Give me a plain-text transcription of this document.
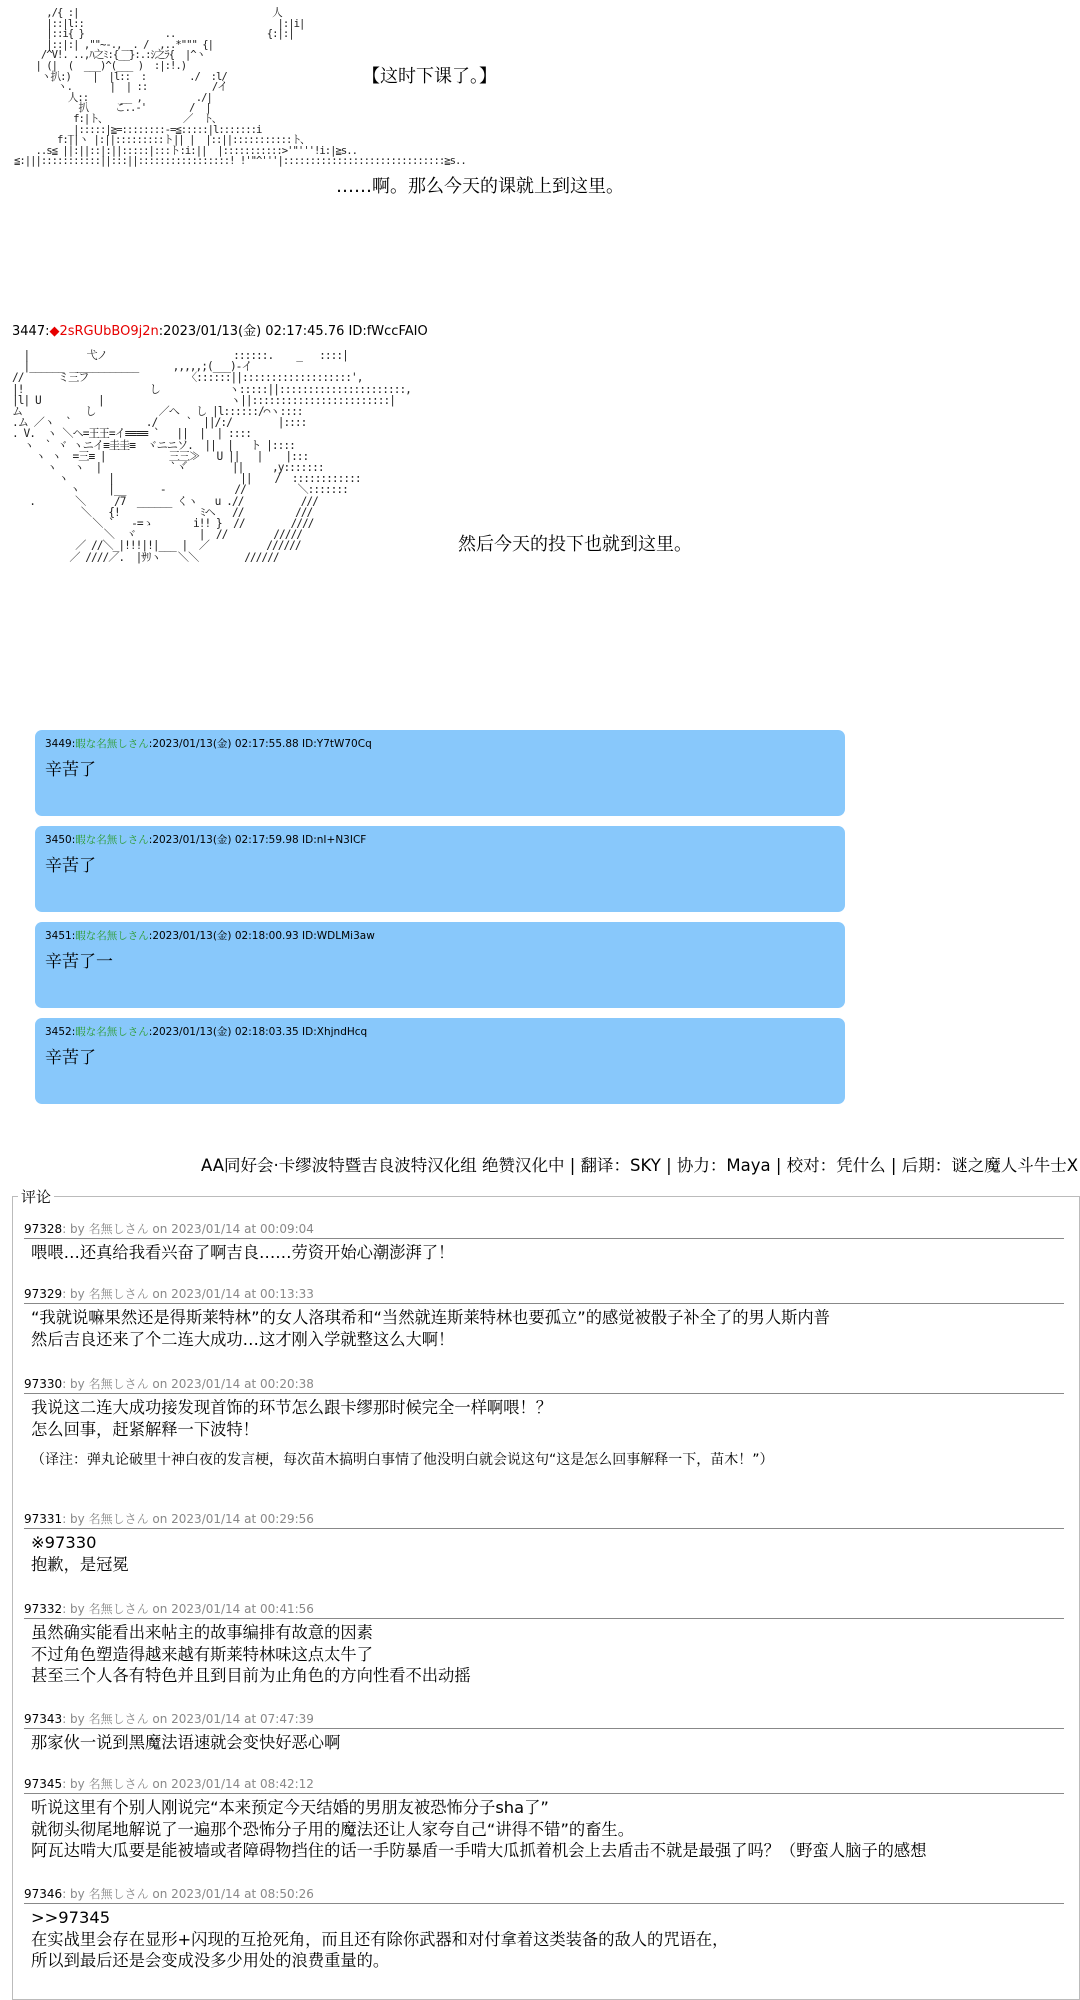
,/{ :|                                    人
|::|l::                                    |:|i|
|::i{ }               ..                 {:|:|
|::|:| ,""~-.,__. /  ,..*""" {|
/^V!. ..,ﾊ之ﾐ:{__}:.:ｼ之ﾗ{  |^ヽ
| (|  (  ___)^(___ )  :|:!.)
ヽ扒:)    |  |l::  :        ./  :l/
ヽ.       |  | ::            /イ
人::      __ ,          ./|
扒     こ..-'        /  |
f:|ト、              ／  ト、
_|:::::|≧=::::::::-=≦:::::|l:::::::i
f:||ヽ |:||:::::::::ト|| |  |::||:::::::::::ト、
..s≦ ||:||::|:||:::::|:::ト:i:||  |:::::::::::>'"'''!i:|≧s..
≦:|||:::::::::::||:::||:::::::::::::::::! !'"^'''|::::::::::::::::::::::::::::::≧s..
|          弋ノ                      ::::::.    _   ::::|
|______  ___________      ,,,,,;(___)-イ
//      ミ三フ                 〈::::::||:::::::::::::::::::',
|!                      し            ヽ:::::||::::::::::::::::::::::,
|l| U          |                      ヽ||::::::::::::::::::::::::|
ム           し           ／へ   し |l::::::/⌒ヽ::::
.ム ／ヽ  `             ./     `  ||/:/        |::::
. V.  ヽ ＼ヘ=王王=イ≡≡≡≡ `   ||  |  | ::::
ヽ  ` ヾ ヽニイ≡圭圭≡  ヾニニソ.  ||  |   ト |::::
ヽ ヽ  =三≡ |           三三≫   U ||   |    |:::
ヽ   ヽ  |            `ヾ゙        ||     ,y:::::::
ヽ       |                      ||    /  ::::::::::::
ヽ     |__      -            //         ＼:::::::
.       ＼     /7  ______ くヽ   u .//          ///
＼   {!              ﾐヘ   //         ///
＼ `   -=ゝ       i!! }  //        ////
＼  ヾ           |  //        /////
／ //＼_|!!!|!|___ |  ／          //////
／ ////／.  |ｻﾘヽ   ＼＼        //////
【这时下课了。】
……啊。那么今天的课就上到这里。
然后今天的投下也就到这里。
3447:◆2sRGUbBO9j2n:2023/01/13(金) 02:17:45.76 ID:fWccFAIO
3449:暇な名無しさん:2023/01/13(金) 02:17:55.88 ID:Y7tW70Cq
辛苦了
3450:暇な名無しさん:2023/01/13(金) 02:17:59.98 ID:nI+N3ICF
辛苦了
3451:暇な名無しさん:2023/01/13(金) 02:18:00.93 ID:WDLMi3aw
辛苦了一
3452:暇な名無しさん:2023/01/13(金) 02:18:03.35 ID:XhjndHcq
辛苦了
AA同好会·卡缪波特暨吉良波特汉化组 绝赞汉化中 | 翻译：SKY | 协力：Maya | 校对：凭什么 | 后期：谜之魔人斗牛士X
评论
97328: by 名無しさん on 2023/01/14 at 00:09:04
喂喂…还真给我看兴奋了啊吉良……劳资开始心潮澎湃了！
97329: by 名無しさん on 2023/01/14 at 00:13:33
“我就说嘛果然还是得斯莱特林”的女人洛琪希和“当然就连斯莱特林也要孤立”的感觉被骰子补全了的男人斯内普
然后吉良还来了个二连大成功…这才刚入学就整这么大啊！
97330: by 名無しさん on 2023/01/14 at 00:20:38
我说这二连大成功接发现首饰的环节怎么跟卡缪那时候完全一样啊喂！？
怎么回事，赶紧解释一下波特！
（译注：弹丸论破里十神白夜的发言梗，每次苗木搞明白事情了他没明白就会说这句“这是怎么回事解释一下，苗木！”）
97331: by 名無しさん on 2023/01/14 at 00:29:56
※97330
抱歉，是冠冕
97332: by 名無しさん on 2023/01/14 at 00:41:56
虽然确实能看出来帖主的故事编排有故意的因素
不过角色塑造得越来越有斯莱特林味这点太牛了
甚至三个人各有特色并且到目前为止角色的方向性看不出动摇
97343: by 名無しさん on 2023/01/14 at 07:47:39
那家伙一说到黑魔法语速就会变快好恶心啊
97345: by 名無しさん on 2023/01/14 at 08:42:12
听说这里有个别人刚说完“本来预定今天结婚的男朋友被恐怖分子sha了”
就彻头彻尾地解说了一遍那个恐怖分子用的魔法还让人家夸自己“讲得不错”的畜生。
阿瓦达啃大瓜要是能被墙或者障碍物挡住的话一手防暴盾一手啃大瓜抓着机会上去盾击不就是最强了吗？（野蛮人脑子的感想
97346: by 名無しさん on 2023/01/14 at 08:50:26
>>97345
在实战里会存在显形+闪现的互抢死角，而且还有除你武器和对付拿着这类装备的敌人的咒语在，
所以到最后还是会变成没多少用处的浪费重量的。
